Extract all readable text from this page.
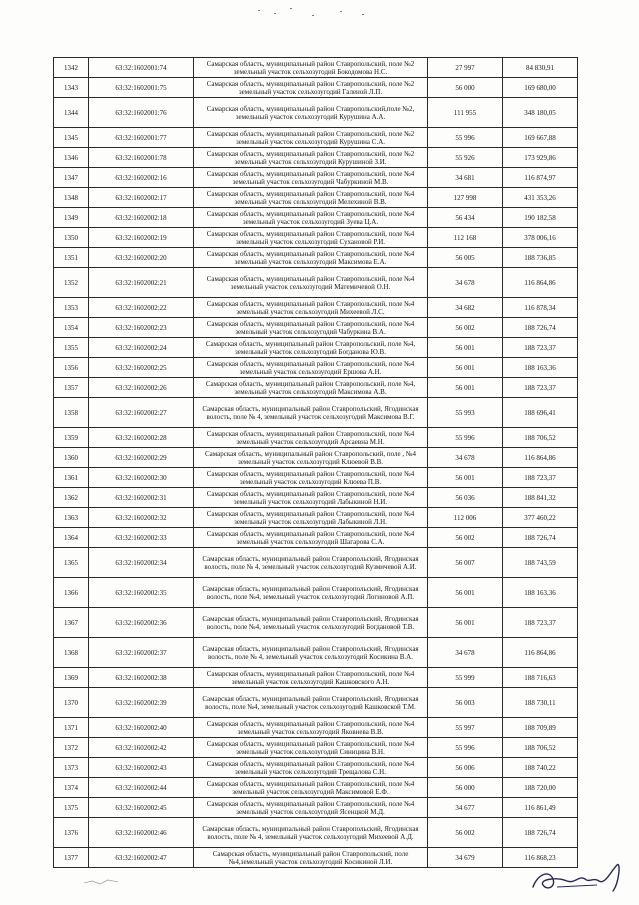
1342	63:32:1602001:74	Самарская область, муниципальный район Ставропольский, поле №2 земельный участок сельхозугодий Бокодомова Н.С.	27 997	84 830,91
1343	63:32:1602001:75	Самарская область, муниципальный район Ставропольский, поле №2 земельный участок сельхозугодий Галеной Л.П.	56 000	169 680,00
1344	63:32:1602001:76	Самарская область, муниципальный район Ставропольский,поле №2, земельный участок сельхозугодий Курушина А.А.	111 955	348 180,05
1345	63:32:1602001:77	Самарская область, муниципальный район Ставропольский, поле №2 земельный участок сельхозугодий Курушина С.А.	55 996	169 667,88
1346	63:32:1602001:78	Самарская область, муниципальный район Ставропольский, поле №2 земельный участок сельхозугодий Курушиной З.И.	55 926	173 929,86
1347	63:32:1602002:16	Самарская область, муниципальный район Ставропольский, поле №4 земельный участок сельхозугодий Чабуркиной М.В.	34 681	116 874,97
1348	63:32:1602002:17	Самарская область, муниципальный район Ставропольский, поле №4 земельный участок сельхозугодий Мелехиной В.В.	127 998	431 353,26
1349	63:32:1602002:18	Самарская область, муниципальный район Ставропольский, поле №4 земельный участок сельхозугодий Зуева Ц.А.	56 434	190 182,58
1350	63:32:1602002:19	Самарская область, муниципальный район Ставропольский, поле №4 земельный участок сельхозугодий Сухановой Р.И.	112 168	378 006,16
1351	63:32:1602002:20	Самарская область, муниципальный район Ставропольский, поле №4 земельный участок сельхозугодий Максимова Е.А.	56 005	188 736,85
1352	63:32:1602002:21	Самарская область, муниципальный район Ставропольский, поле №4 земельный участок сельхозугодий Матемичевой О.Н.	34 678	116 864,86
1353	63:32:1602002:22	Самарская область, муниципальный район Ставропольский, поле №4 земельный участок сельхозугодий Михеевой Л.С.	34 682	116 878,34
1354	63:32:1602002:23	Самарская область, муниципальный район Ставропольский, поле №4 земельный участок сельхозугодий Чабуркина В.А.	56 002	188 726,74
1355	63:32:1602002:24	Самарская область, муниципальный район Ставропольский, поле №4, земельный участок сельхозугодий Богданова Ю.В.	56 001	188 723,37
1356	63:32:1602002:25	Самарская область, муниципальный район Ставропольский, поле №4 земельный участок сельхозугодий Ершова А.Н.	56 001	188 163,36
1357	63:32:1602002:26	Самарская область, муниципальный район Ставропольский, поле №4, земельный участок сельхозугодий Максимова А.В.	56 001	188 723,37
1358	63:32:1602002:27	Самарская область, муниципальный район Ставропольский, Ягодинская волость, поле № 4, земельный участок сельхозугодий Максимова В.Г.	55 993	188 696,41
1359	63:32:1602002:28	Самарская область, муниципальный район Ставропольский, поле №4 земельный участок сельхозугодий Арсаевна М.Н.	55 996	188 706,52
1360	63:32:1602002:29	Самарская область, муниципальный район Ставропольский, поле , №4 земельный участок сельхозугодий Клюевой В.В.	34 678	116 864,86
1361	63:32:1602002:30	Самарская область, муниципальный район Ставропольский, поле №4 земельный участок сельхозугодий Клюева П.В.	56 001	188 723,37
1362	63:32:1602002:31	Самарская область, муниципальный район Ставропольский, поле №4 земельный участок сельхозугодий Лабыкиной Н.И.	56 036	188 841,32
1363	63:32:1602002:32	Самарская область, муниципальный район Ставропольский, поле №4 земельный участок сельхозугодий Лабыкиной Л.Н.	112 006	377 460,22
1364	63:32:1602002:33	Самарская область, муниципальный район Ставропольский, поле №4 земельный участок сельхозугодий Шагарова С.А.	56 002	188 726,74
1365	63:32:1602002:34	Самарская область, муниципальный район Ставропольский, Ягодинская волость, поле № 4, земельный участок сельхозугодий Кузмичевой А.И.	56 007	188 743,59
1366	63:32:1602002:35	Самарская область, муниципальный район Ставропольский, Ягодинская волость, поле №4, земельный участок сельхозугодий Логиновой А.П.	56 001	188 163,36
1367	63:32:1602002:36	Самарская область, муниципальный район Ставропольский, Ягодинская волость, поле №4, земельный участок сельхозугодий Богдановой Т.В.	56 001	188 723,37
1368	63:32:1602002:37	Самарская область, муниципальный район Ставропольский, Ягодинская волость, поле № 4, земельный участок сельхозугодий Косикина В.А.	34 678	116 864,86
1369	63:32:1602002:38	Самарская область, муниципальный район Ставропольский, поле №4 земельный участок сельхозугодий Кашковского А.Н.	55 999	188 716,63
1370	63:32:1602002:39	Самарская область, муниципальный район Ставропольский, Ягодинская волость, поле №4, земельный участок сельхозугодий Кашковской Т.М.	56 003	188 730,11
1371	63:32:1602002:40	Самарская область, муниципальный район Ставропольский, поле №4 земельный участок сельхозугодий Яковнева В.В.	55 997	188 709,89
1372	63:32:1602002:42	Самарская область, муниципальный район Ставропольский, поле №4 земельный участок сельхозугодий Синицина В.Н.	55 996	188 706,52
1373	63:32:1602002:43	Самарская область, муниципальный район Ставропольский, поле №4 земельный участок сельхозугодий Трещалова С.Н.	56 006	188 740,22
1374	63:32:1602002:44	Самарская область, муниципальный район Ставропольский, поле №4 земельный участок сельхозугодий Максимовой Е.Ф.	56 000	188 720,00
1375	63:32:1602002:45	Самарская область, муниципальный район Ставропольский, поле №4 земельный участок сельхозугодий Ясенцкой М.Д.	34 677	116 861,49
1376	63:32:1602002:46	Самарская область, муниципальный район Ставропольский, Ягодинская волость, поле № 4, земельный участок сельхозугодий Михеевой А.Д.	56 002	188 726,74
1377	63:32:1602002:47	Самарская область, муниципальный район Ставропольский, поле №4,земельный участок сельхозугодий Косикиной Л.И.	34 679	116 868,23
